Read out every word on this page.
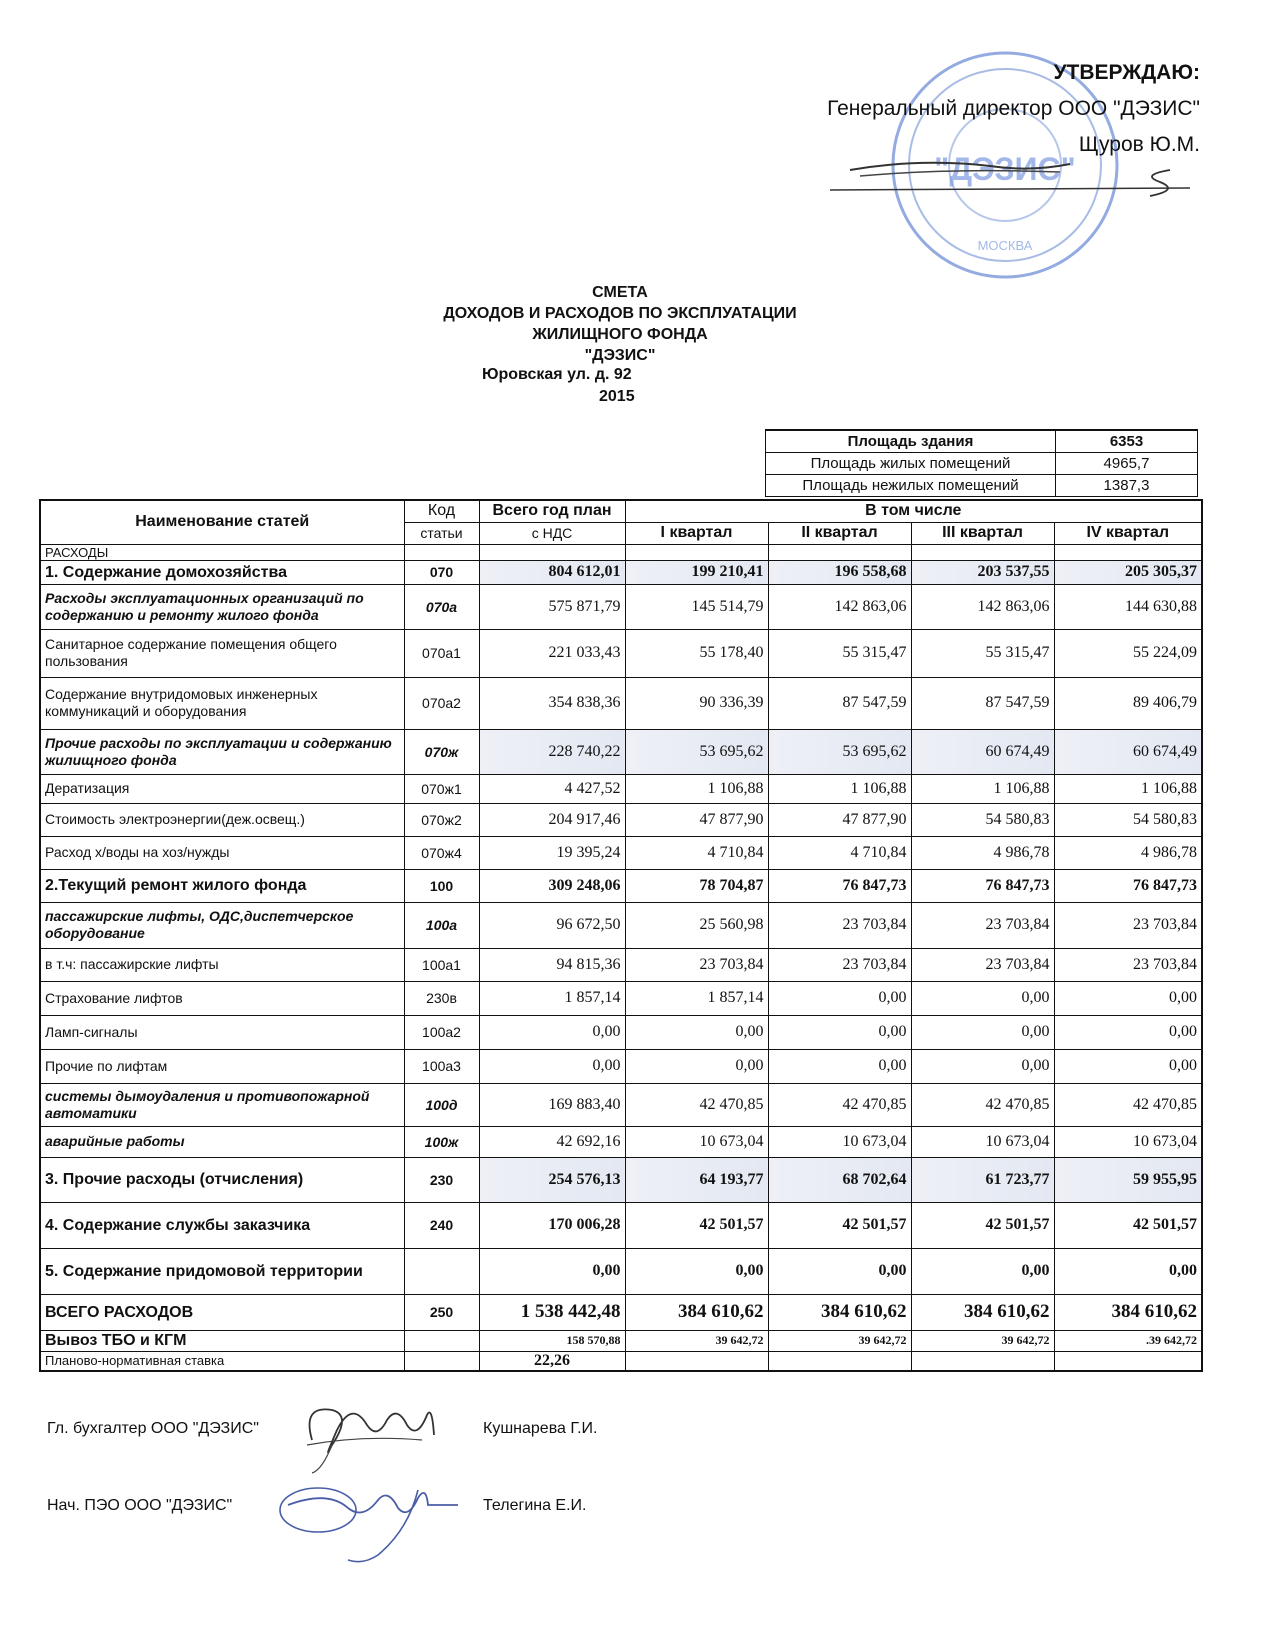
"ДЭЗИС"
МОСКВА
УТВЕРЖДАЮ:
Генеральный директор ООО "ДЭЗИС"
Щуров Ю.М.
СМЕТА
ДОХОДОВ И РАСХОДОВ ПО ЭКСПЛУАТАЦИИ
ЖИЛИЩНОГО ФОНДА
"ДЭЗИС"
Юровская ул. д. 92
2015
Площадь здания	6353
Площадь жилых помещений	4965,7
Площадь нежилых помещений	1387,3
Наименование статей	Код	Всего год план	В том числе			
	статьи	с НДС	I квартал	II квартал	III квартал	IV квартал
РАСХОДЫ						
1. Содержание домохозяйства	070	804 612,01	199 210,41	196 558,68	203 537,55	205 305,37
Расходы эксплуатационных организаций по содержанию и ремонту жилого фонда	070а	575 871,79	145 514,79	142 863,06	142 863,06	144 630,88
Санитарное содержание помещения общего пользования	070а1	221 033,43	55 178,40	55 315,47	55 315,47	55 224,09
Содержание внутридомовых инженерных коммуникаций и оборудования	070а2	354 838,36	90 336,39	87 547,59	87 547,59	89 406,79
Прочие расходы по эксплуатации и содержанию жилищного фонда	070ж	228 740,22	53 695,62	53 695,62	60 674,49	60 674,49
Дератизация	070ж1	4 427,52	1 106,88	1 106,88	1 106,88	1 106,88
Стоимость электроэнергии(деж.освещ.)	070ж2	204 917,46	47 877,90	47 877,90	54 580,83	54 580,83
Расход х/воды на хоз/нужды	070ж4	19 395,24	4 710,84	4 710,84	4 986,78	4 986,78
2.Текущий ремонт жилого фонда	100	309 248,06	78 704,87	76 847,73	76 847,73	76 847,73
пассажирские лифты, ОДС,диспетчерское оборудование	100а	96 672,50	25 560,98	23 703,84	23 703,84	23 703,84
в т.ч: пассажирские лифты	100а1	94 815,36	23 703,84	23 703,84	23 703,84	23 703,84
Страхование лифтов	230в	1 857,14	1 857,14	0,00	0,00	0,00
Ламп-сигналы	100а2	0,00	0,00	0,00	0,00	0,00
Прочие по лифтам	100а3	0,00	0,00	0,00	0,00	0,00
системы дымоудаления и противопожарной автоматики	100д	169 883,40	42 470,85	42 470,85	42 470,85	42 470,85
аварийные работы	100ж	42 692,16	10 673,04	10 673,04	10 673,04	10 673,04
3. Прочие расходы (отчисления)	230	254 576,13	64 193,77	68 702,64	61 723,77	59 955,95
4. Содержание службы заказчика	240	170 006,28	42 501,57	42 501,57	42 501,57	42 501,57
5. Содержание придомовой территории		0,00	0,00	0,00	0,00	0,00
ВСЕГО РАСХОДОВ	250	1 538 442,48	384 610,62	384 610,62	384 610,62	384 610,62
Вывоз ТБО и КГМ		158 570,88	39 642,72	39 642,72	39 642,72	.39 642,72
Планово-нормативная ставка		22,26				
Гл. бухгалтер ООО "ДЭЗИС"	Кушнарева Г.И.
Нач. ПЭО ООО "ДЭЗИС"	Телегина Е.И.
